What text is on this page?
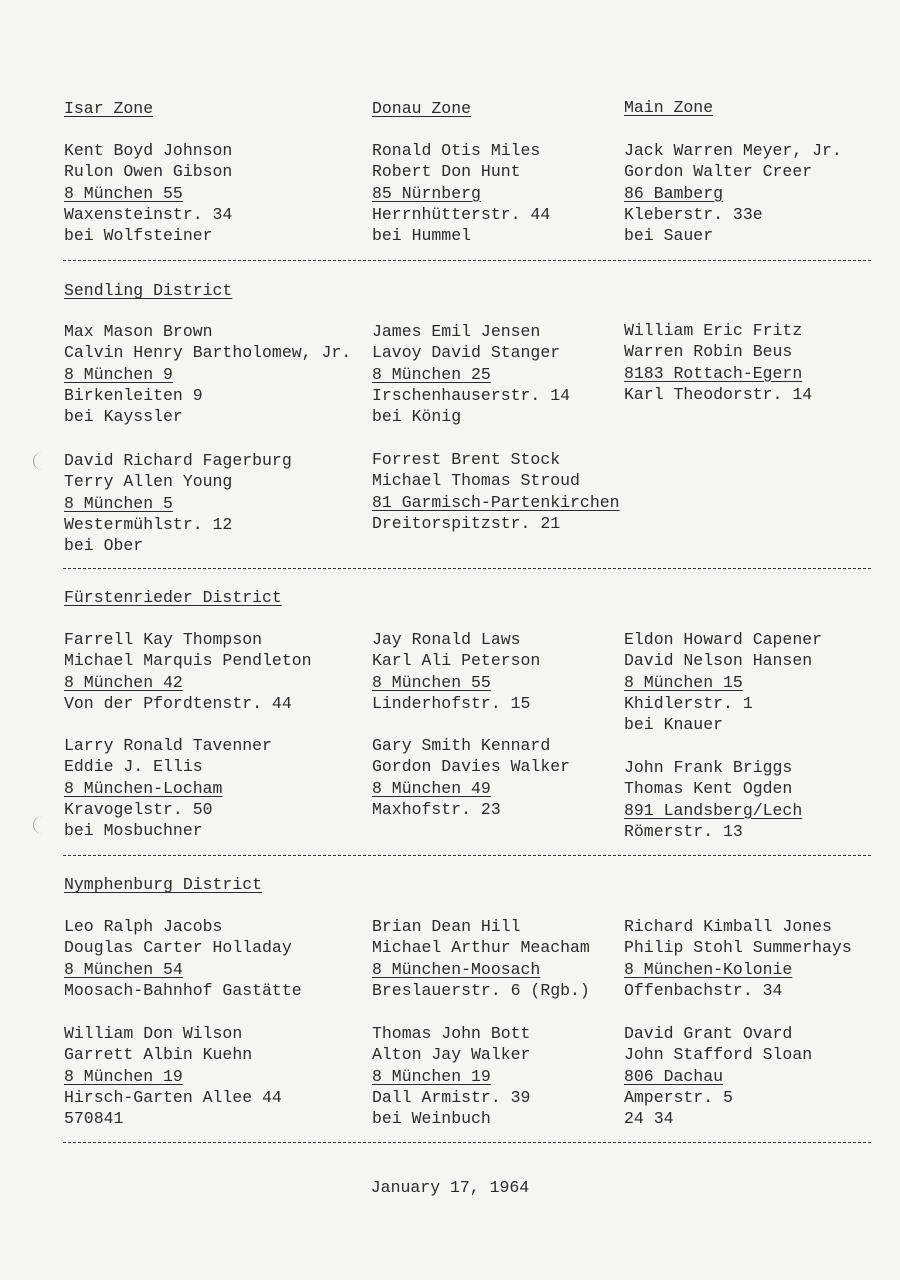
Isar Zone	Donau Zone	Main Zone
Kent Boyd Johnson
Rulon Owen Gibson
8 München 55
Waxensteinstr. 34
bei Wolfsteiner
Ronald Otis Miles
Robert Don Hunt
85 Nürnberg
Herrnhütterstr. 44
bei Hummel
Jack Warren Meyer, Jr.
Gordon Walter Creer
86 Bamberg
Kleberstr. 33e
bei Sauer
Sendling District
Max Mason Brown
Calvin Henry Bartholomew, Jr.
8 München 9
Birkenleiten 9
bei Kayssler
James Emil Jensen
Lavoy David Stanger
8 München 25
Irschenhauserstr. 14
bei König
William Eric Fritz
Warren Robin Beus
8183 Rottach-Egern
Karl Theodorstr. 14
David Richard Fagerburg
Terry Allen Young
8 München 5
Westermühlstr. 12
bei Ober
Forrest Brent Stock
Michael Thomas Stroud
81 Garmisch-Partenkirchen
Dreitorspitzstr. 21
Fürstenrieder District
Farrell Kay Thompson
Michael Marquis Pendleton
8 München 42
Von der Pfordtenstr. 44
Jay Ronald Laws
Karl Ali Peterson
8 München 55
Linderhofstr. 15
Eldon Howard Capener
David Nelson Hansen
8 München 15
Khidlerstr. 1
bei Knauer
Larry Ronald Tavenner
Eddie J. Ellis
8 München-Locham
Kravogelstr. 50
bei Mosbuchner
Gary Smith Kennard
Gordon Davies Walker
8 München 49
Maxhofstr. 23
John Frank Briggs
Thomas Kent Ogden
891 Landsberg/Lech
Römerstr. 13
Nymphenburg District
Leo Ralph Jacobs
Douglas Carter Holladay
8 München 54
Moosach-Bahnhof Gastätte
Brian Dean Hill
Michael Arthur Meacham
8 München-Moosach
Breslauerstr. 6 (Rgb.)
Richard Kimball Jones
Philip Stohl Summerhays
8 München-Kolonie
Offenbachstr. 34
William Don Wilson
Garrett Albin Kuehn
8 München 19
Hirsch-Garten Allee 44
570841
Thomas John Bott
Alton Jay Walker
8 München 19
Dall Armistr. 39
bei Weinbuch
David Grant Ovard
John Stafford Sloan
806 Dachau
Amperstr. 5
24 34
January 17, 1964
